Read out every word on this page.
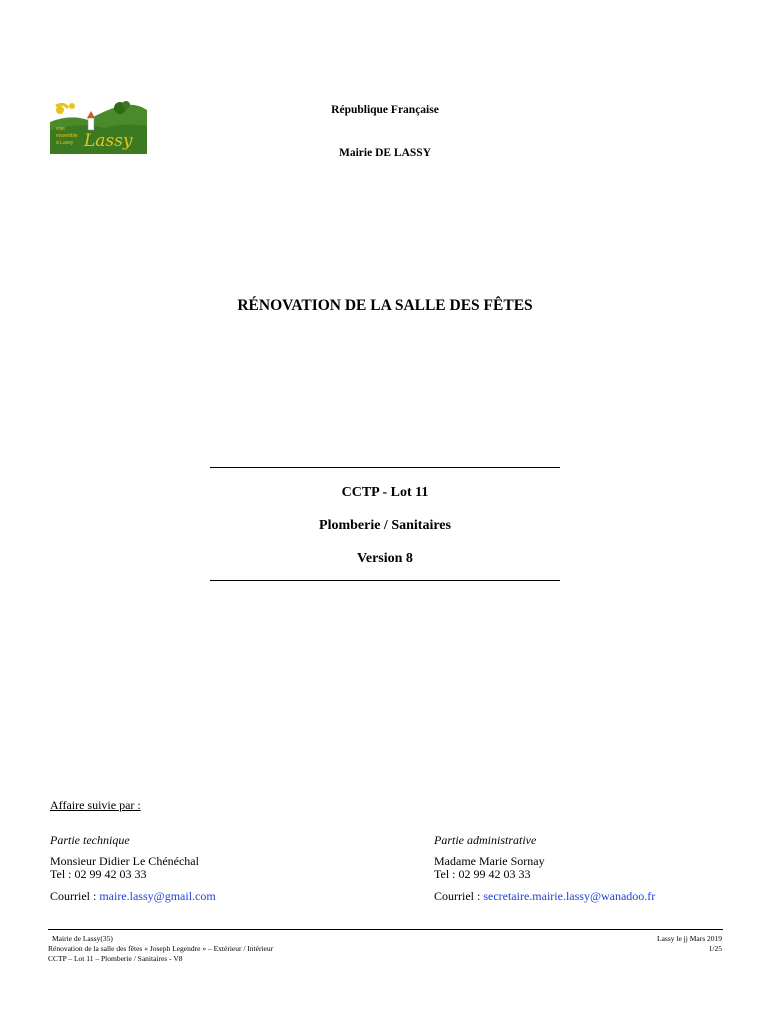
vive
ensemble
à Lassy Lassy
République Française
Mairie DE LASSY
RÉNOVATION DE LA SALLE DES FÊTES
CCTP - Lot 11
Plomberie / Sanitaires
Version 8
Affaire suivie par :
Partie technique
Monsieur Didier Le Chénéchal
Tel : 02 99 42 03 33
Courriel : maire.lassy@gmail.com
Partie administrative
Madame Marie Sornay
Tel : 02 99 42 03 33
Courriel : secretaire.mairie.lassy@wanadoo.fr
Mairie de Lassy(35)
Rénovation de la salle des fêtes « Joseph Legendre » – Extérieur / Intérieur
CCTP – Lot 11 – Plomberie / Sanitaires - V8
Lassy le jj Mars 2019
1/25
